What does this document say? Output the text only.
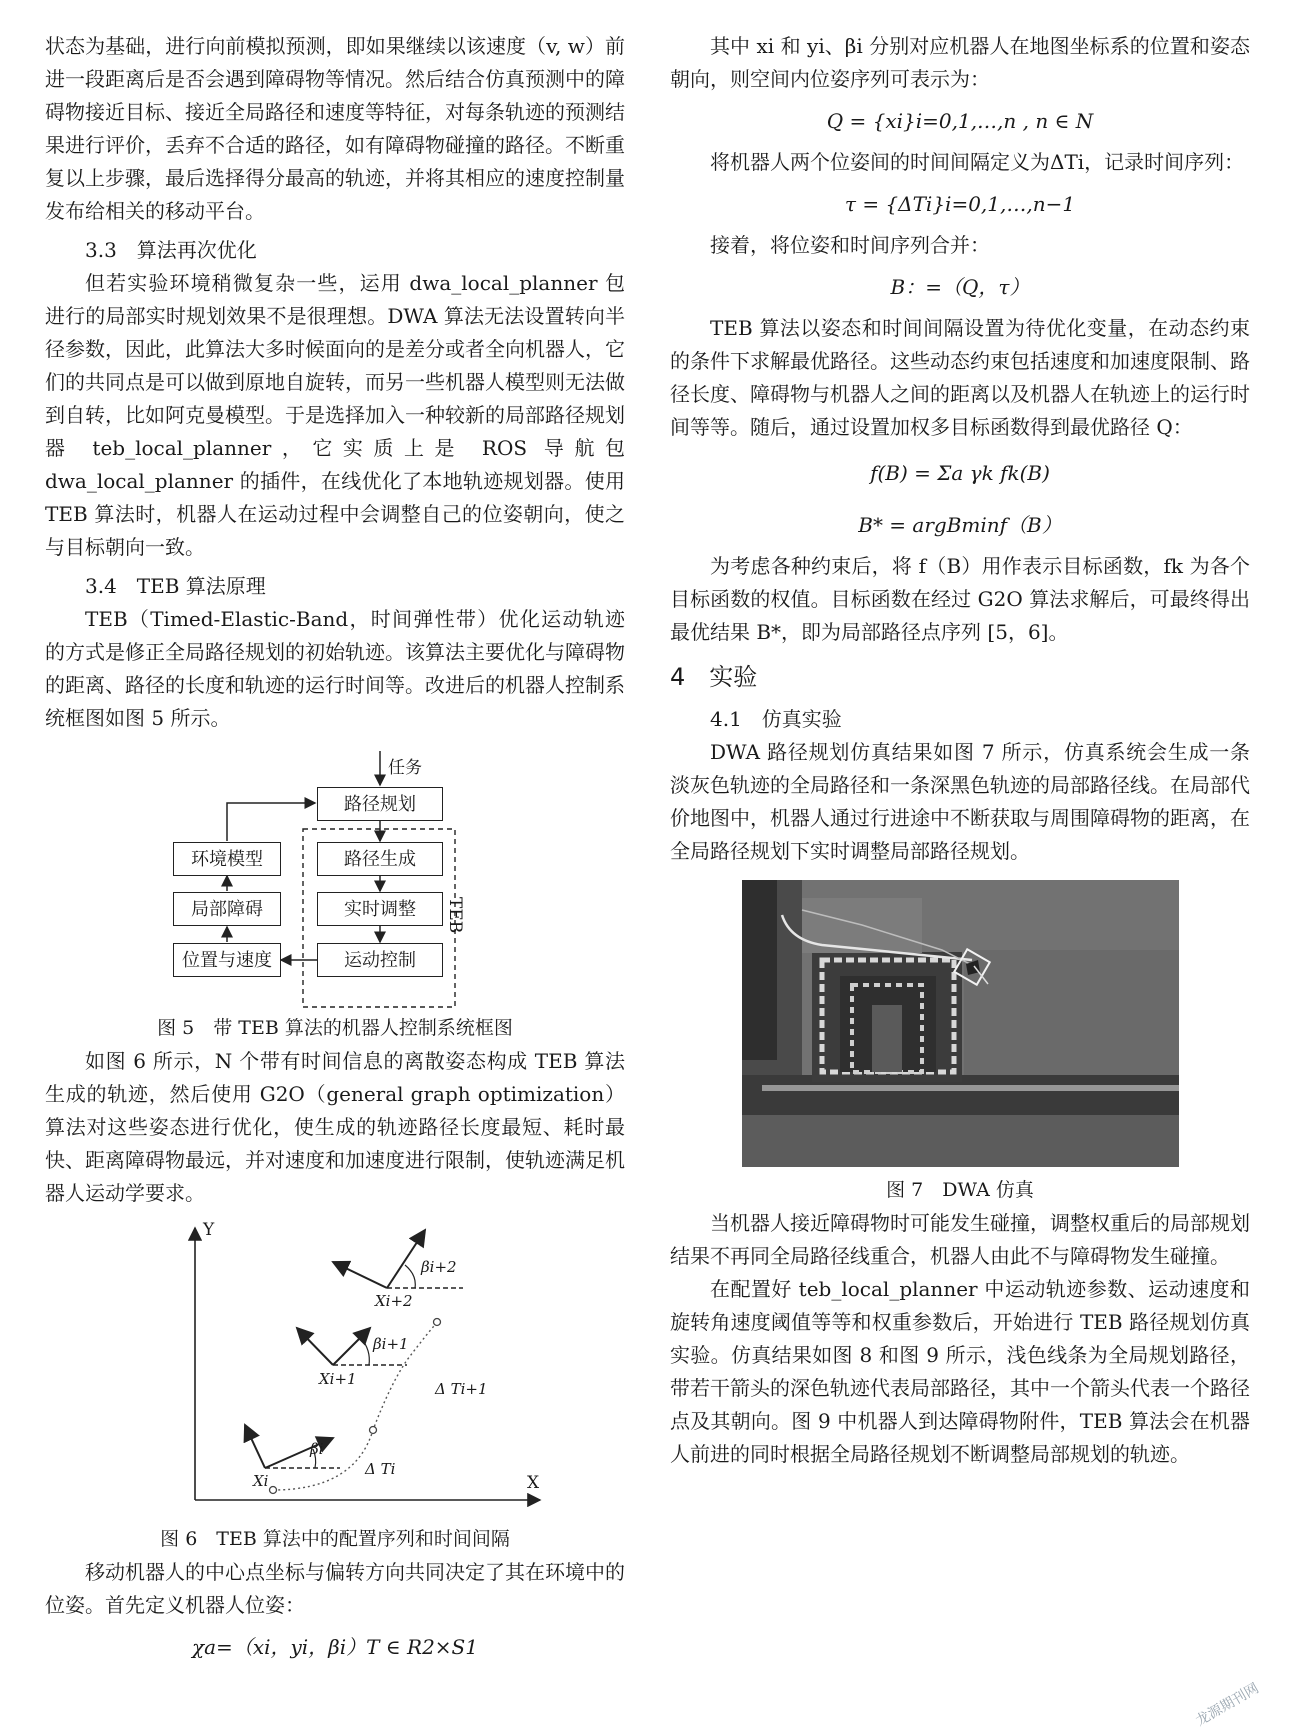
状态为基础，进行向前模拟预测，即如果继续以该速度（v, w）前进一段距离后是否会遇到障碍物等情况。然后结合仿真预测中的障碍物接近目标、接近全局路径和速度等特征，对每条轨迹的预测结果进行评价，丢弃不合适的路径，如有障碍物碰撞的路径。不断重复以上步骤，最后选择得分最高的轨迹，并将其相应的速度控制量发布给相关的移动平台。

3.3　算法再次优化

但若实验环境稍微复杂一些，运用 dwa_local_planner 包进行的局部实时规划效果不是很理想。DWA 算法无法设置转向半径参数，因此，此算法大多时候面向的是差分或者全向机器人，它们的共同点是可以做到原地自旋转，而另一些机器人模型则无法做到自转，比如阿克曼模型。于是选择加入一种较新的局部路径规划器 teb_local_planner，它实质上是 ROS 导航包 dwa_local_planner 的插件，在线优化了本地轨迹规划器。使用 TEB 算法时，机器人在运动过程中会调整自己的位姿朝向，使之与目标朝向一致。

3.4　TEB 算法原理

TEB（Timed-Elastic-Band，时间弹性带）优化运动轨迹的方式是修正全局路径规划的初始轨迹。该算法主要优化与障碍物的距离、路径的长度和轨迹的运行时间等。改进后的机器人控制系统框图如图 5 所示。

任务
路径规划
环境模型	路径生成
局部障碍	实时调整
位置与速度	运动控制
TEB
图 5　带 TEB 算法的机器人控制系统框图

如图 6 所示，N 个带有时间信息的离散姿态构成 TEB 算法生成的轨迹，然后使用 G2O（general graph optimization）算法对这些姿态进行优化，使生成的轨迹路径长度最短、耗时最快、距离障碍物最远，并对速度和加速度进行限制，使轨迹满足机器人运动学要求。

Y
X
Xi
Xi+1
Xi+2
βi
βi+1
βi+2
Δ Ti
Δ Ti+1
图 6　TEB 算法中的配置序列和时间间隔

移动机器人的中心点坐标与偏转方向共同决定了其在环境中的位姿。首先定义机器人位姿：

χa=（xi，yi，βi）T ∈ R2×S1

其中 xi 和 yi、βi 分别对应机器人在地图坐标系的位置和姿态朝向，则空间内位姿序列可表示为：

Q = {xi}i=0,1,…,n , n ∈ N

将机器人两个位姿间的时间间隔定义为ΔTi，记录时间序列：

τ = {ΔTi}i=0,1,…,n−1

接着，将位姿和时间序列合并：

B：=（Q，τ）

TEB 算法以姿态和时间间隔设置为待优化变量，在动态约束的条件下求解最优路径。这些动态约束包括速度和加速度限制、路径长度、障碍物与机器人之间的距离以及机器人在轨迹上的运行时间等等。随后，通过设置加权多目标函数得到最优路径 Q：

f(B) = Σa γk fk(B)
B* = argBminf（B）

为考虑各种约束后，将 f（B）用作表示目标函数，fk 为各个目标函数的权值。目标函数在经过 G2O 算法求解后，可最终得出最优结果 B*，即为局部路径点序列 [5，6]。

4　实验
4.1　仿真实验

DWA 路径规划仿真结果如图 7 所示，仿真系统会生成一条淡灰色轨迹的全局路径和一条深黑色轨迹的局部路径线。在局部代价地图中，机器人通过行进途中不断获取与周围障碍物的距离，在全局路径规划下实时调整局部路径规划。

图 7　DWA 仿真

当机器人接近障碍物时可能发生碰撞，调整权重后的局部规划结果不再同全局路径线重合，机器人由此不与障碍物发生碰撞。

在配置好 teb_local_planner 中运动轨迹参数、运动速度和旋转角速度阈值等等和权重参数后，开始进行 TEB 路径规划仿真实验。仿真结果如图 8 和图 9 所示，浅色线条为全局规划路径，带若干箭头的深色轨迹代表局部路径，其中一个箭头代表一个路径点及其朝向。图 9 中机器人到达障碍物附件，TEB 算法会在机器人前进的同时根据全局路径规划不断调整局部规划的轨迹。

龙源期刊网
